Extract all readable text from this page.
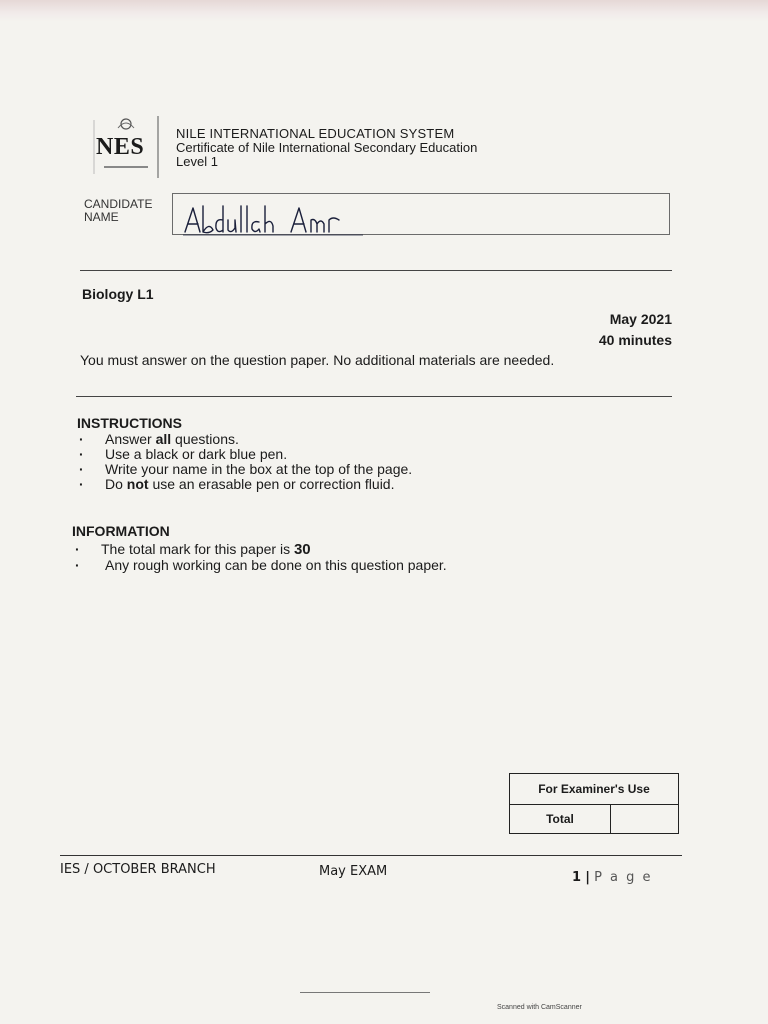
NES
NILE INTERNATIONAL EDUCATION SYSTEM
Certificate of Nile International Secondary Education
Level 1
CANDIDATE
NAME
Biology L1
May 2021
40 minutes
You must answer on the question paper. No additional materials are needed.
INSTRUCTIONS
· Answer all questions.
· Use a black or dark blue pen.
· Write your name in the box at the top of the page.
· Do not use an erasable pen or correction fluid.
INFORMATION
· The total mark for this paper is 30
· Any rough working can be done on this question paper.
For Examiner's Use
Total	
IES / OCTOBER BRANCH	May EXAM	1 | P a g e
Scanned with CamScanner
